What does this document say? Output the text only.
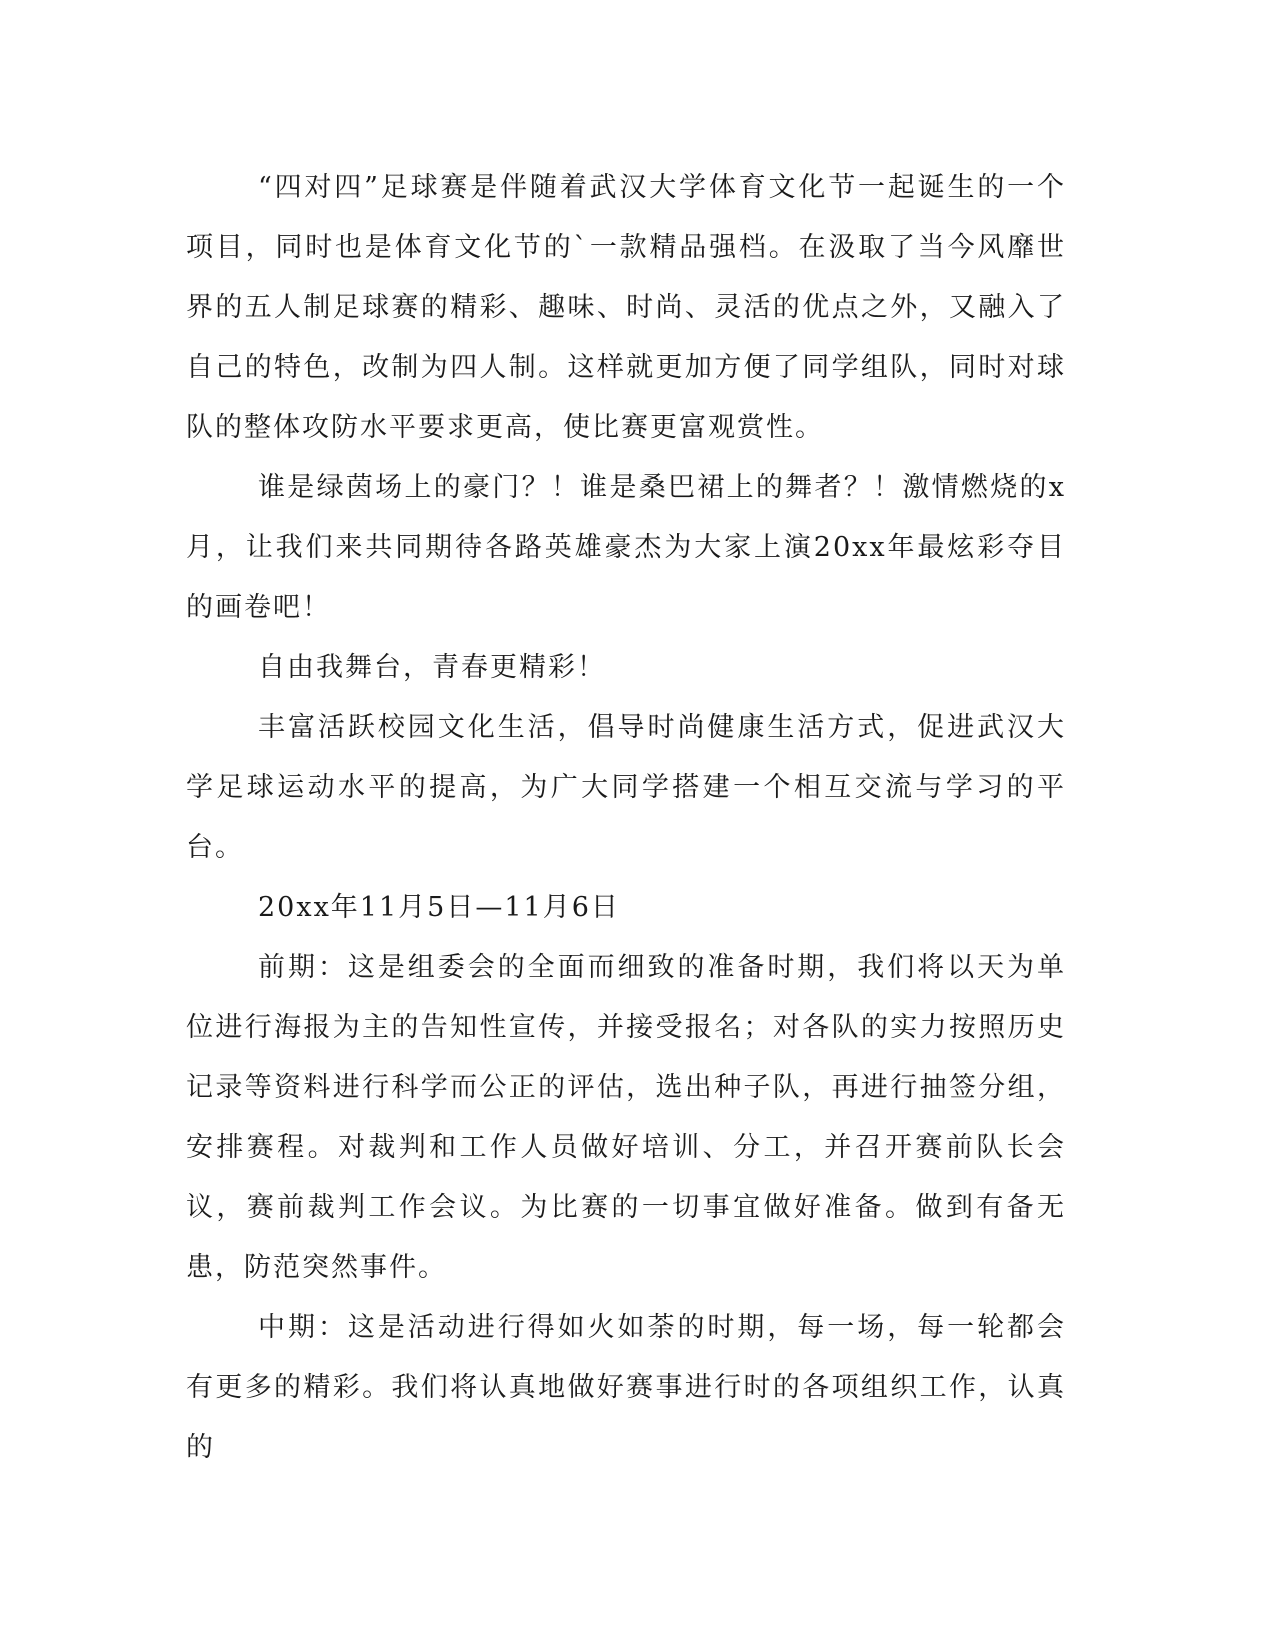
“四对四”足球赛是伴随着武汉大学体育文化节一起诞生的一个项目，同时也是体育文化节的`一款精品强档。在汲取了当今风靡世界的五人制足球赛的精彩、趣味、时尚、灵活的优点之外，又融入了自己的特色，改制为四人制。这样就更加方便了同学组队，同时对球队的整体攻防水平要求更高，使比赛更富观赏性。

谁是绿茵场上的豪门？！谁是桑巴裙上的舞者？！激情燃烧的x月，让我们来共同期待各路英雄豪杰为大家上演20xx年最炫彩夺目的画卷吧！

自由我舞台，青春更精彩！

丰富活跃校园文化生活，倡导时尚健康生活方式，促进武汉大学足球运动水平的提高，为广大同学搭建一个相互交流与学习的平台。

20xx年11月5日—11月6日

前期：这是组委会的全面而细致的准备时期，我们将以天为单位进行海报为主的告知性宣传，并接受报名；对各队的实力按照历史记录等资料进行科学而公正的评估，选出种子队，再进行抽签分组，安排赛程。对裁判和工作人员做好培训、分工，并召开赛前队长会议，赛前裁判工作会议。为比赛的一切事宜做好准备。做到有备无患，防范突然事件。

中期：这是活动进行得如火如荼的时期，每一场，每一轮都会有更多的精彩。我们将认真地做好赛事进行时的各项组织工作，认真的
